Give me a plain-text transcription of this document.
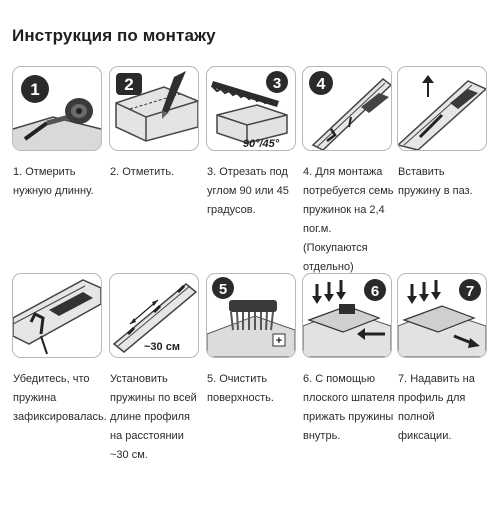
Инструкция по монтажу
1
1. Отмерить нужную длинну.
2
2. Отметить.
3
90°/45°
3. Отрезать под углом 90 или 45 градусов.
4
4. Для монтажа потребуется семь пружинок на 2,4 пог.м. (Покупаются отдельно)
Вставить пружину в паз.
Убедитесь, что пружина зафиксировалась.
~30 см
Установить пружины по всей длине профиля на расстоянии ~30 см.
+
5
5. Очистить поверхность.
6
6. С помощью плоского шпателя прижать пружины внутрь.
7
7. Надавить на профиль для полной фиксации.
